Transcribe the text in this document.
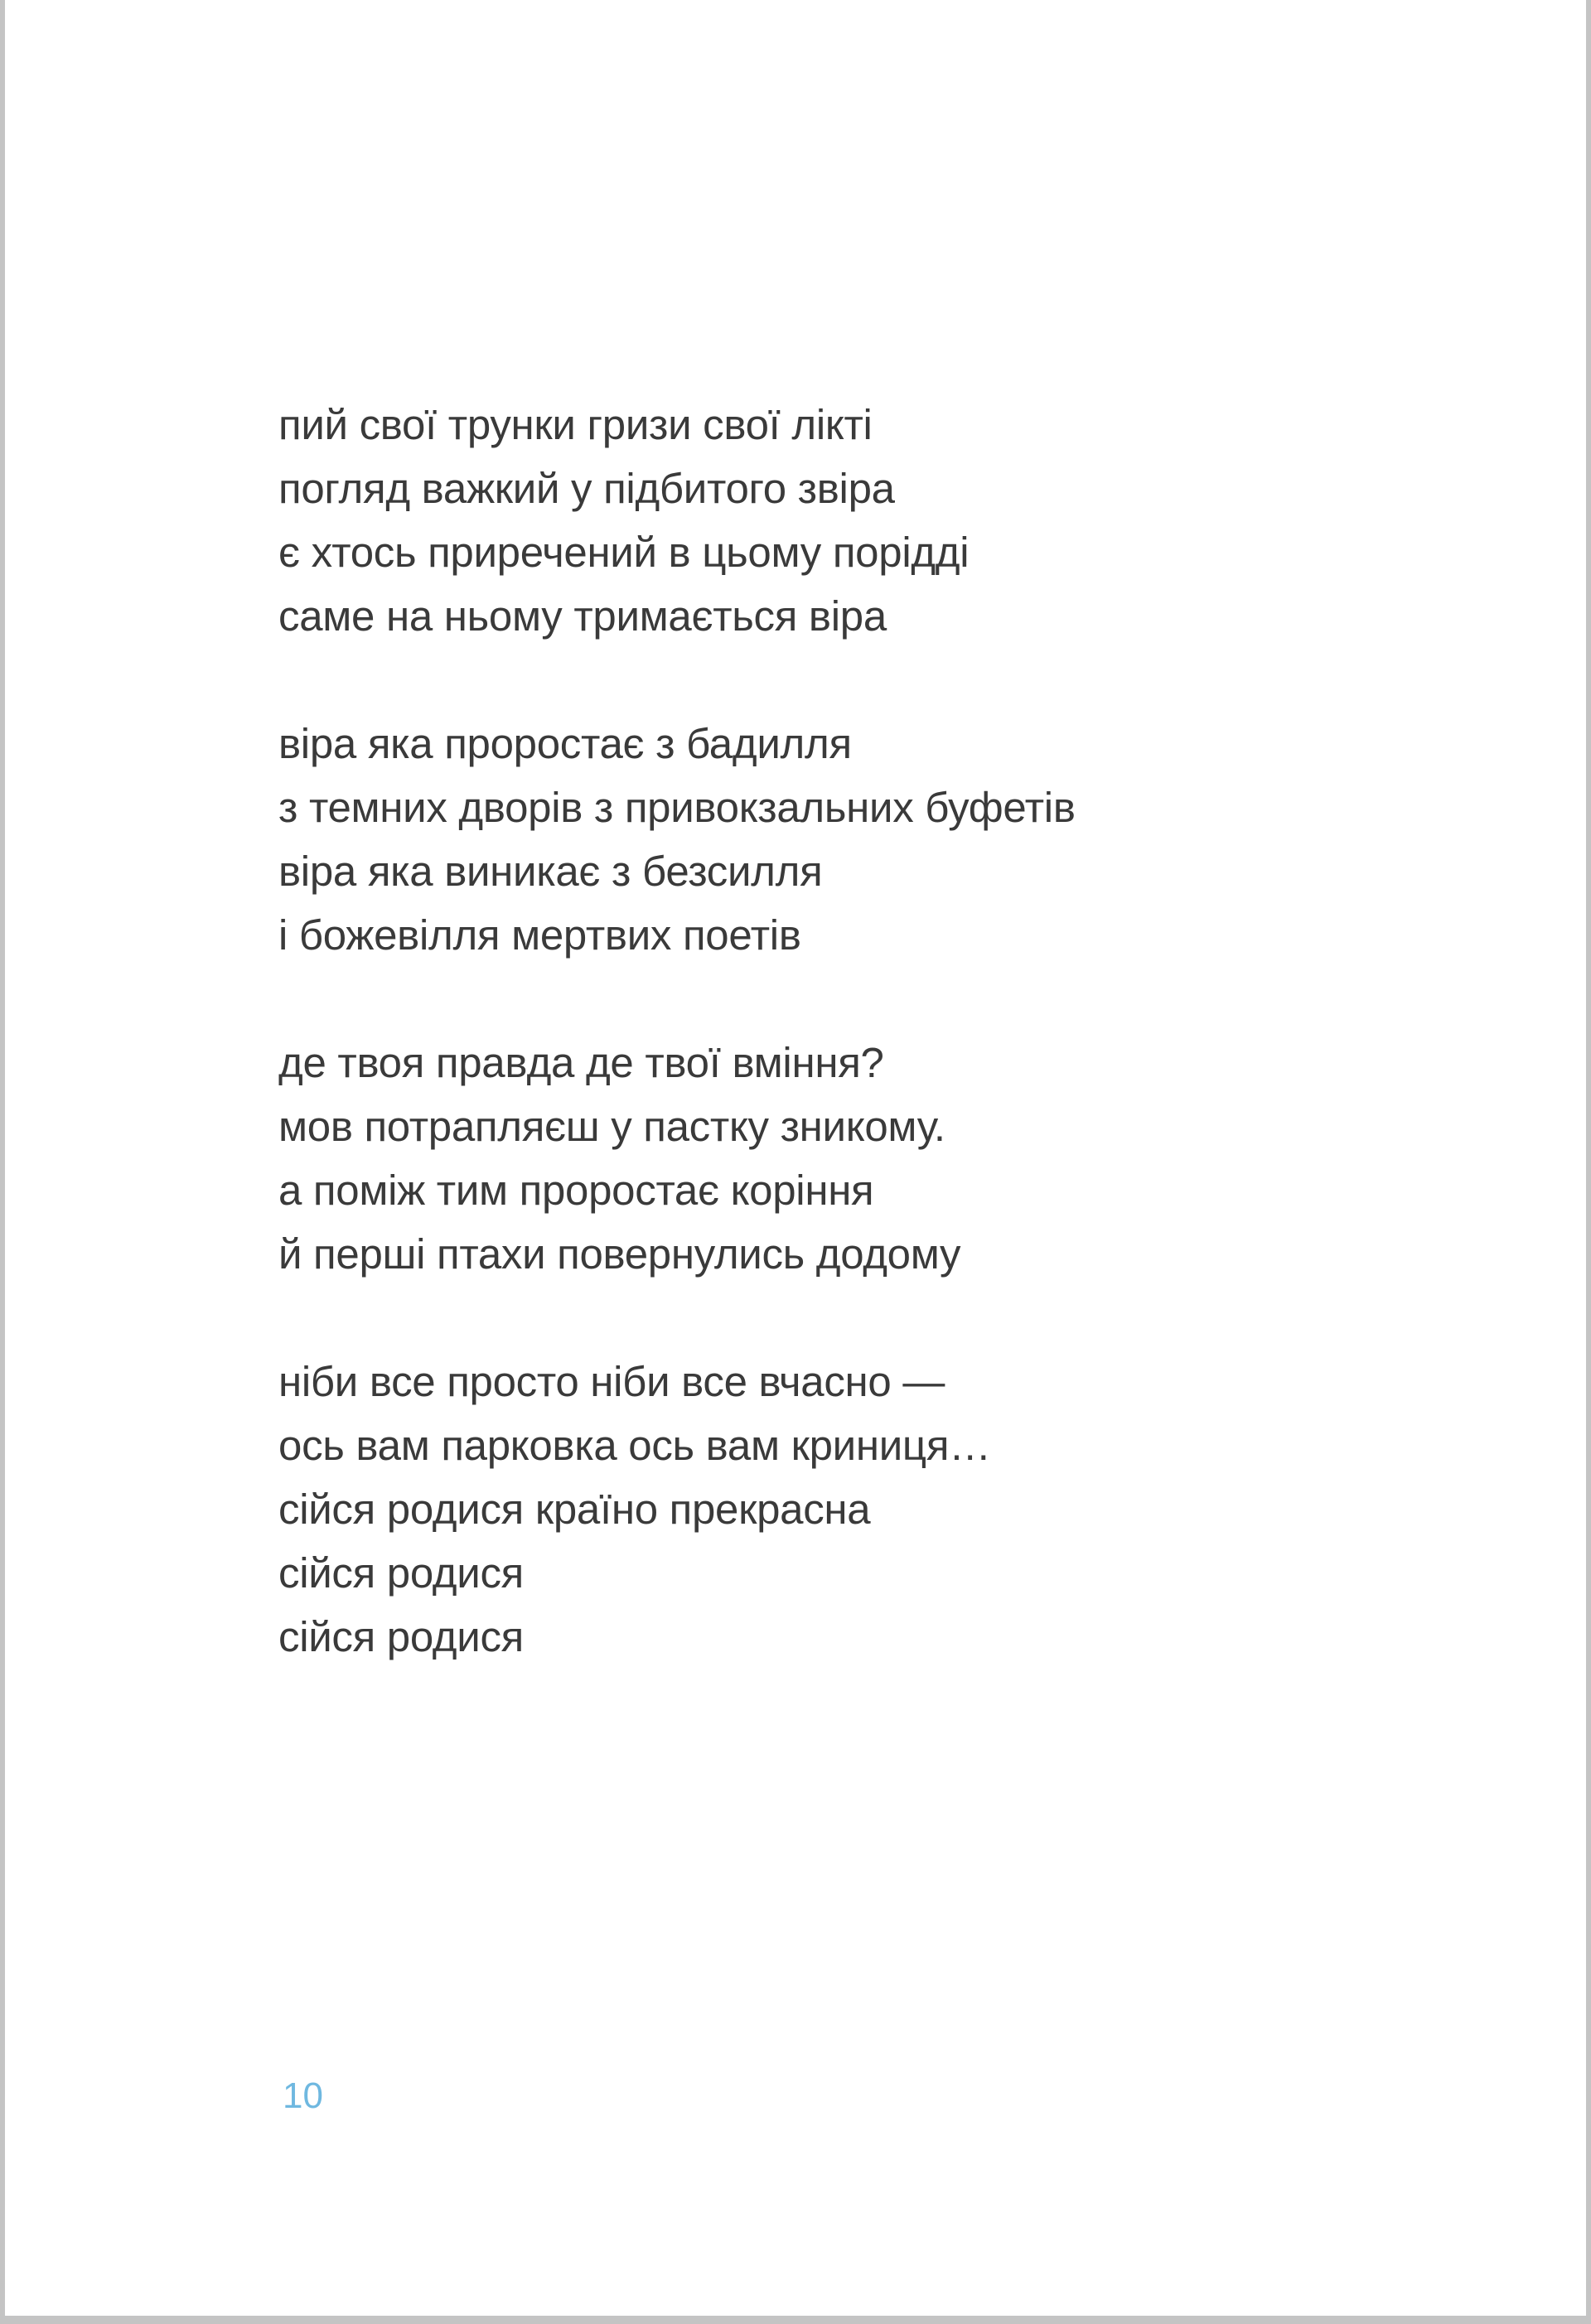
пий свої трунки гризи свої лікті
погляд важкий у підбитого звіра
є хтось приречений в цьому порідді
саме на ньому тримається віра
віра яка проростає з бадилля
з темних дворів з привокзальних буфетів
віра яка виникає з безсилля
і божевілля мертвих поетів
де твоя правда де твої вміння?
мов потрапляєш у пастку зникому.
а поміж тим проростає коріння
й перші птахи повернулись додому
ніби все просто ніби все вчасно —
ось вам парковка ось вам криниця…
сійся родися країно прекрасна
сійся родися
сійся родися
10
